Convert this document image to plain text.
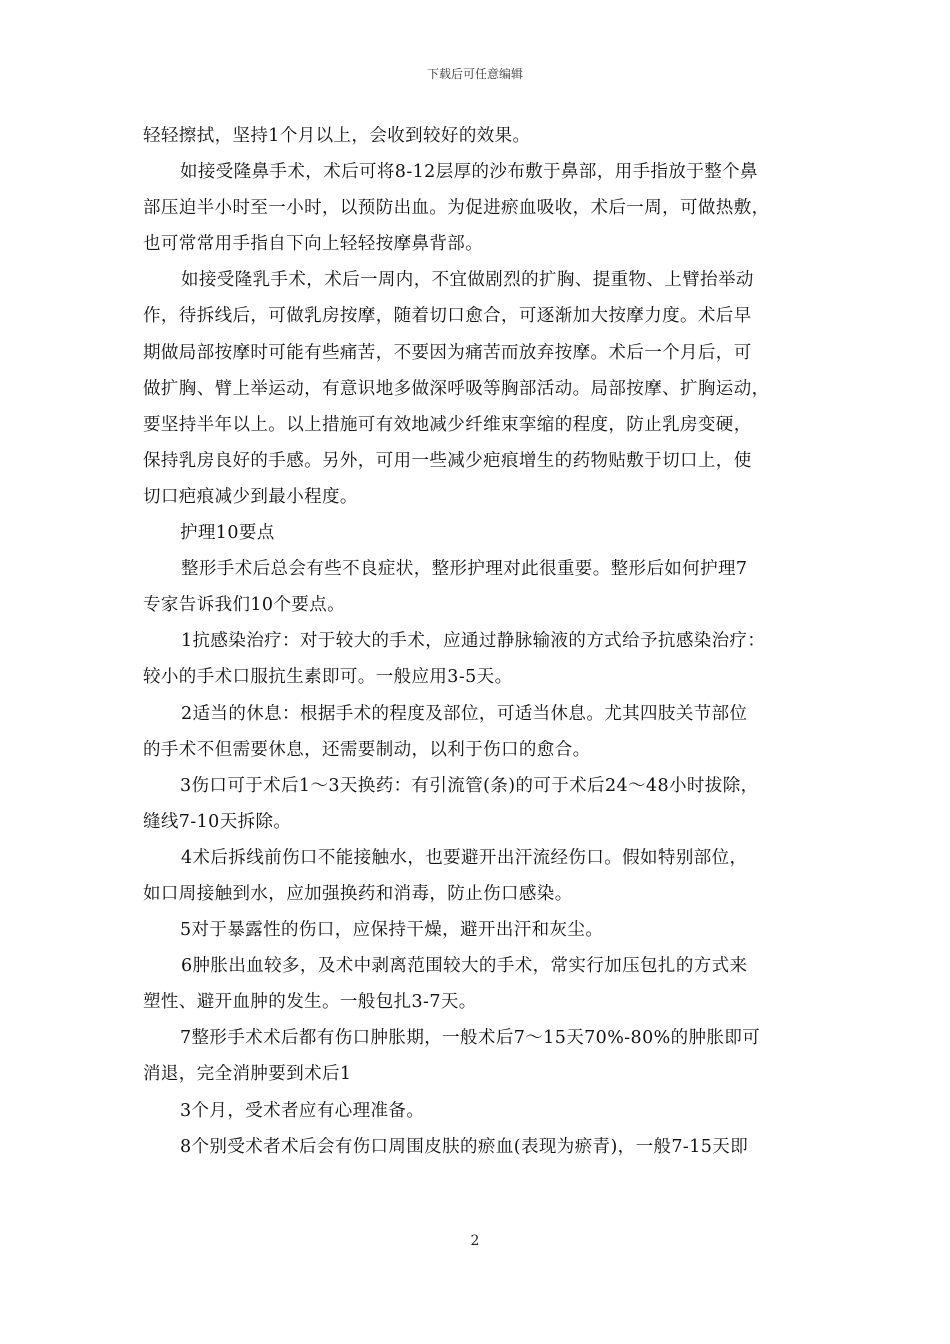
下载后可任意编辑
轻轻擦拭，坚持1个月以上，会收到较好的效果。
如接受隆鼻手术，术后可将8-12层厚的沙布敷于鼻部，用手指放于整个鼻
部压迫半小时至一小时，以预防出血。为促进瘀血吸收，术后一周，可做热敷，
也可常常用手指自下向上轻轻按摩鼻背部。
如接受隆乳手术，术后一周内，不宜做剧烈的扩胸、提重物、上臂抬举动
作，待拆线后，可做乳房按摩，随着切口愈合，可逐渐加大按摩力度。术后早
期做局部按摩时可能有些痛苦，不要因为痛苦而放弃按摩。术后一个月后，可
做扩胸、臂上举运动，有意识地多做深呼吸等胸部活动。局部按摩、扩胸运动，
要坚持半年以上。以上措施可有效地减少纤维束挛缩的程度，防止乳房变硬，
保持乳房良好的手感。另外，可用一些减少疤痕增生的药物贴敷于切口上，使
切口疤痕减少到最小程度。
护理10要点
整形手术后总会有些不良症状，整形护理对此很重要。整形后如何护理7
专家告诉我们10个要点。
1抗感染治疗：对于较大的手术，应通过静脉输液的方式给予抗感染治疗：
较小的手术口服抗生素即可。一般应用3-5天。
2适当的休息：根据手术的程度及部位，可适当休息。尤其四肢关节部位
的手术不但需要休息，还需要制动，以利于伤口的愈合。
3伤口可于术后1～3天换药：有引流管(条)的可于术后24～48小时拔除，
缝线7-10天拆除。
4术后拆线前伤口不能接触水，也要避开出汗流经伤口。假如特别部位，
如口周接触到水，应加强换药和消毒，防止伤口感染。
5对于暴露性的伤口，应保持干燥，避开出汗和灰尘。
6肿胀出血较多，及术中剥离范围较大的手术，常实行加压包扎的方式来
塑性、避开血肿的发生。一般包扎3-7天。
7整形手术术后都有伤口肿胀期，一般术后7～15天70%-80%的肿胀即可
消退，完全消肿要到术后1
3个月，受术者应有心理准备。
8个别受术者术后会有伤口周围皮肤的瘀血(表现为瘀青)，一般7-15天即
2
